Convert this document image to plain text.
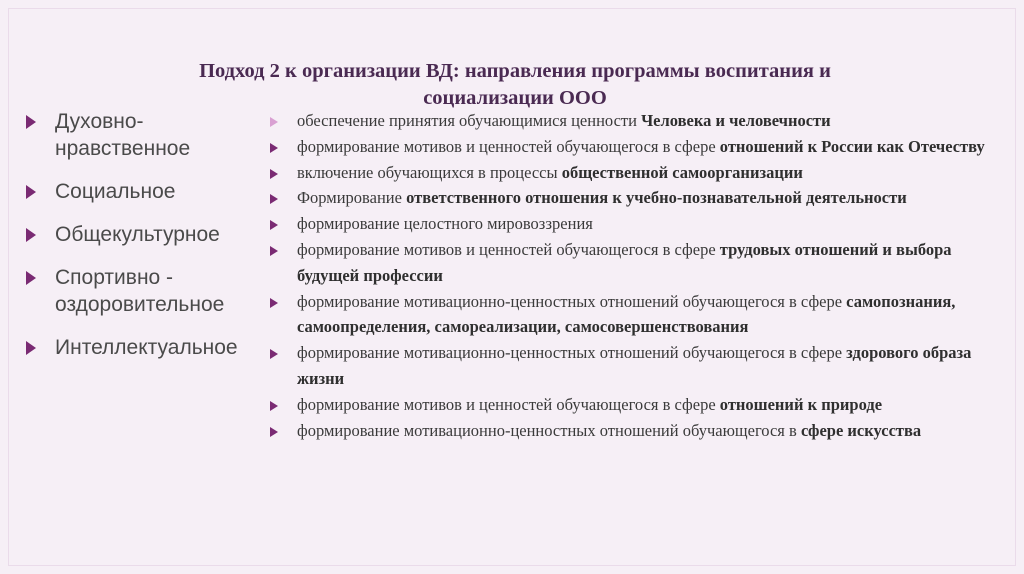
Подход 2 к организации ВД: направления программы воспитания и
социализации ООО
Духовно-нравственное
Социальное
Общекультурное
Спортивно - оздоровительное
Интеллектуальное
обеспечение принятия обучающимися ценности Человека и человечности
формирование мотивов и ценностей обучающегося в сфере отношений к России как Отечеству
включение обучающихся в процессы общественной самоорганизации
Формирование ответственного отношения к учебно-познавательной деятельности
формирование целостного мировоззрения
формирование мотивов и ценностей обучающегося в сфере трудовых отношений и выбора будущей профессии
формирование мотивационно-ценностных отношений обучающегося в сфере самопознания, самоопределения, самореализации, самосовершенствования
формирование мотивационно-ценностных отношений обучающегося в сфере здорового образа жизни
формирование мотивов и ценностей обучающегося в сфере отношений к природе
формирование мотивационно-ценностных отношений обучающегося в сфере искусства
